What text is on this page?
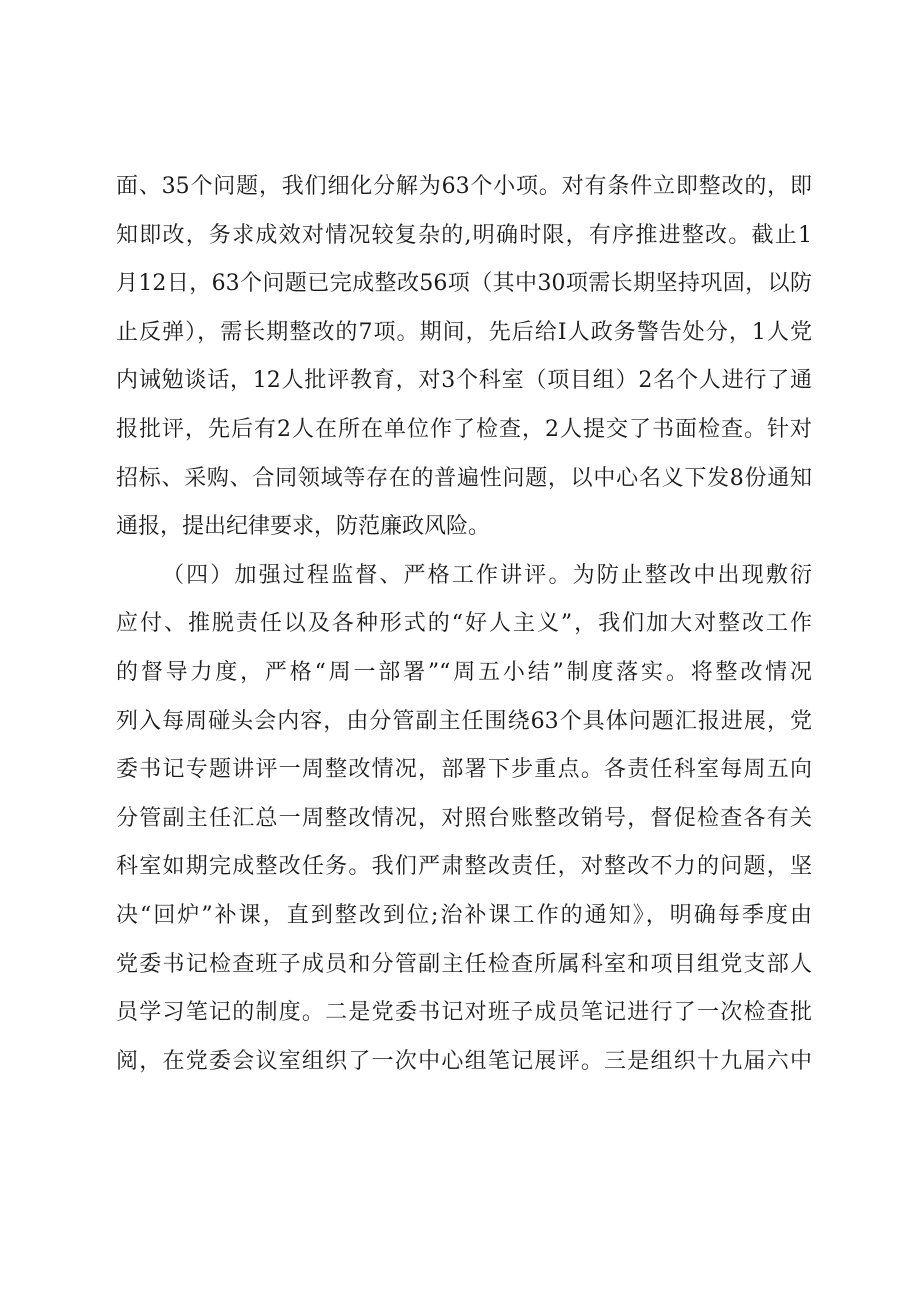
面、35个问题，我们细化分解为63个小项。对有条件立即整改的，即
知即改，务求成效对情况较复杂的,明确时限，有序推进整改。截止1
月12日，63个问题已完成整改56项（其中30项需长期坚持巩固，以防
止反弹），需长期整改的7项。期间，先后给I人政务警告处分，1人党
内诫勉谈话，12人批评教育，对3个科室（项目组）2名个人进行了通
报批评，先后有2人在所在单位作了检查，2人提交了书面检查。针对
招标、采购、合同领域等存在的普遍性问题，以中心名义下发8份通知
通报，提出纪律要求，防范廉政风险。
（四）加强过程监督、严格工作讲评。为防止整改中出现敷衍
应付、推脱责任以及各种形式的“好人主义”，我们加大对整改工作
的督导力度，严格“周一部署”“周五小结”制度落实。将整改情况
列入每周碰头会内容，由分管副主任围绕63个具体问题汇报进展，党
委书记专题讲评一周整改情况，部署下步重点。各责任科室每周五向
分管副主任汇总一周整改情况，对照台账整改销号，督促检查各有关
科室如期完成整改任务。我们严肃整改责任，对整改不力的问题，坚
决“回炉”补课，直到整改到位;治补课工作的通知》，明确每季度由
党委书记检查班子成员和分管副主任检查所属科室和项目组党支部人
员学习笔记的制度。二是党委书记对班子成员笔记进行了一次检查批
阅，在党委会议室组织了一次中心组笔记展评。三是组织十九届六中
